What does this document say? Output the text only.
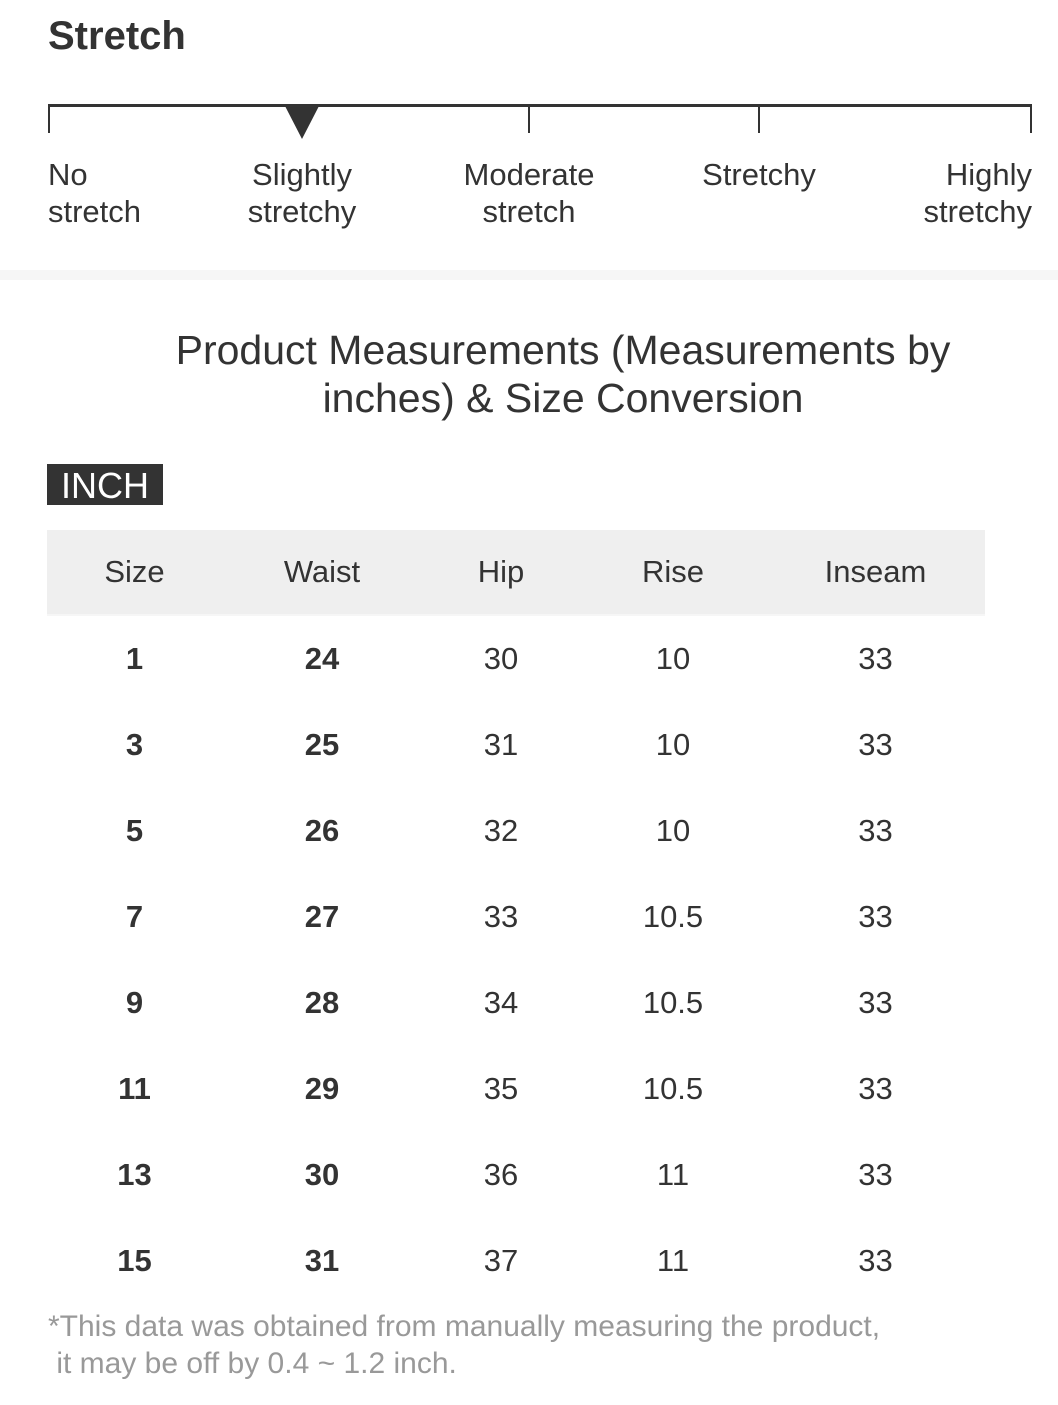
Stretch
No
stretch
Slightly
stretchy
Moderate
stretch
Stretchy	Highly
stretchy
Product Measurements (Measurements by
inches) & Size Conversion
INCH
Size	Waist	Hip	Rise	Inseam
1	24	30	10	33
3	25	31	10	33
5	26	32	10	33
7	27	33	10.5	33
9	28	34	10.5	33
11	29	35	10.5	33
13	30	36	11	33
15	31	37	11	33
*This data was obtained from manually measuring the product,
it may be off by 0.4 ~ 1.2 inch.
